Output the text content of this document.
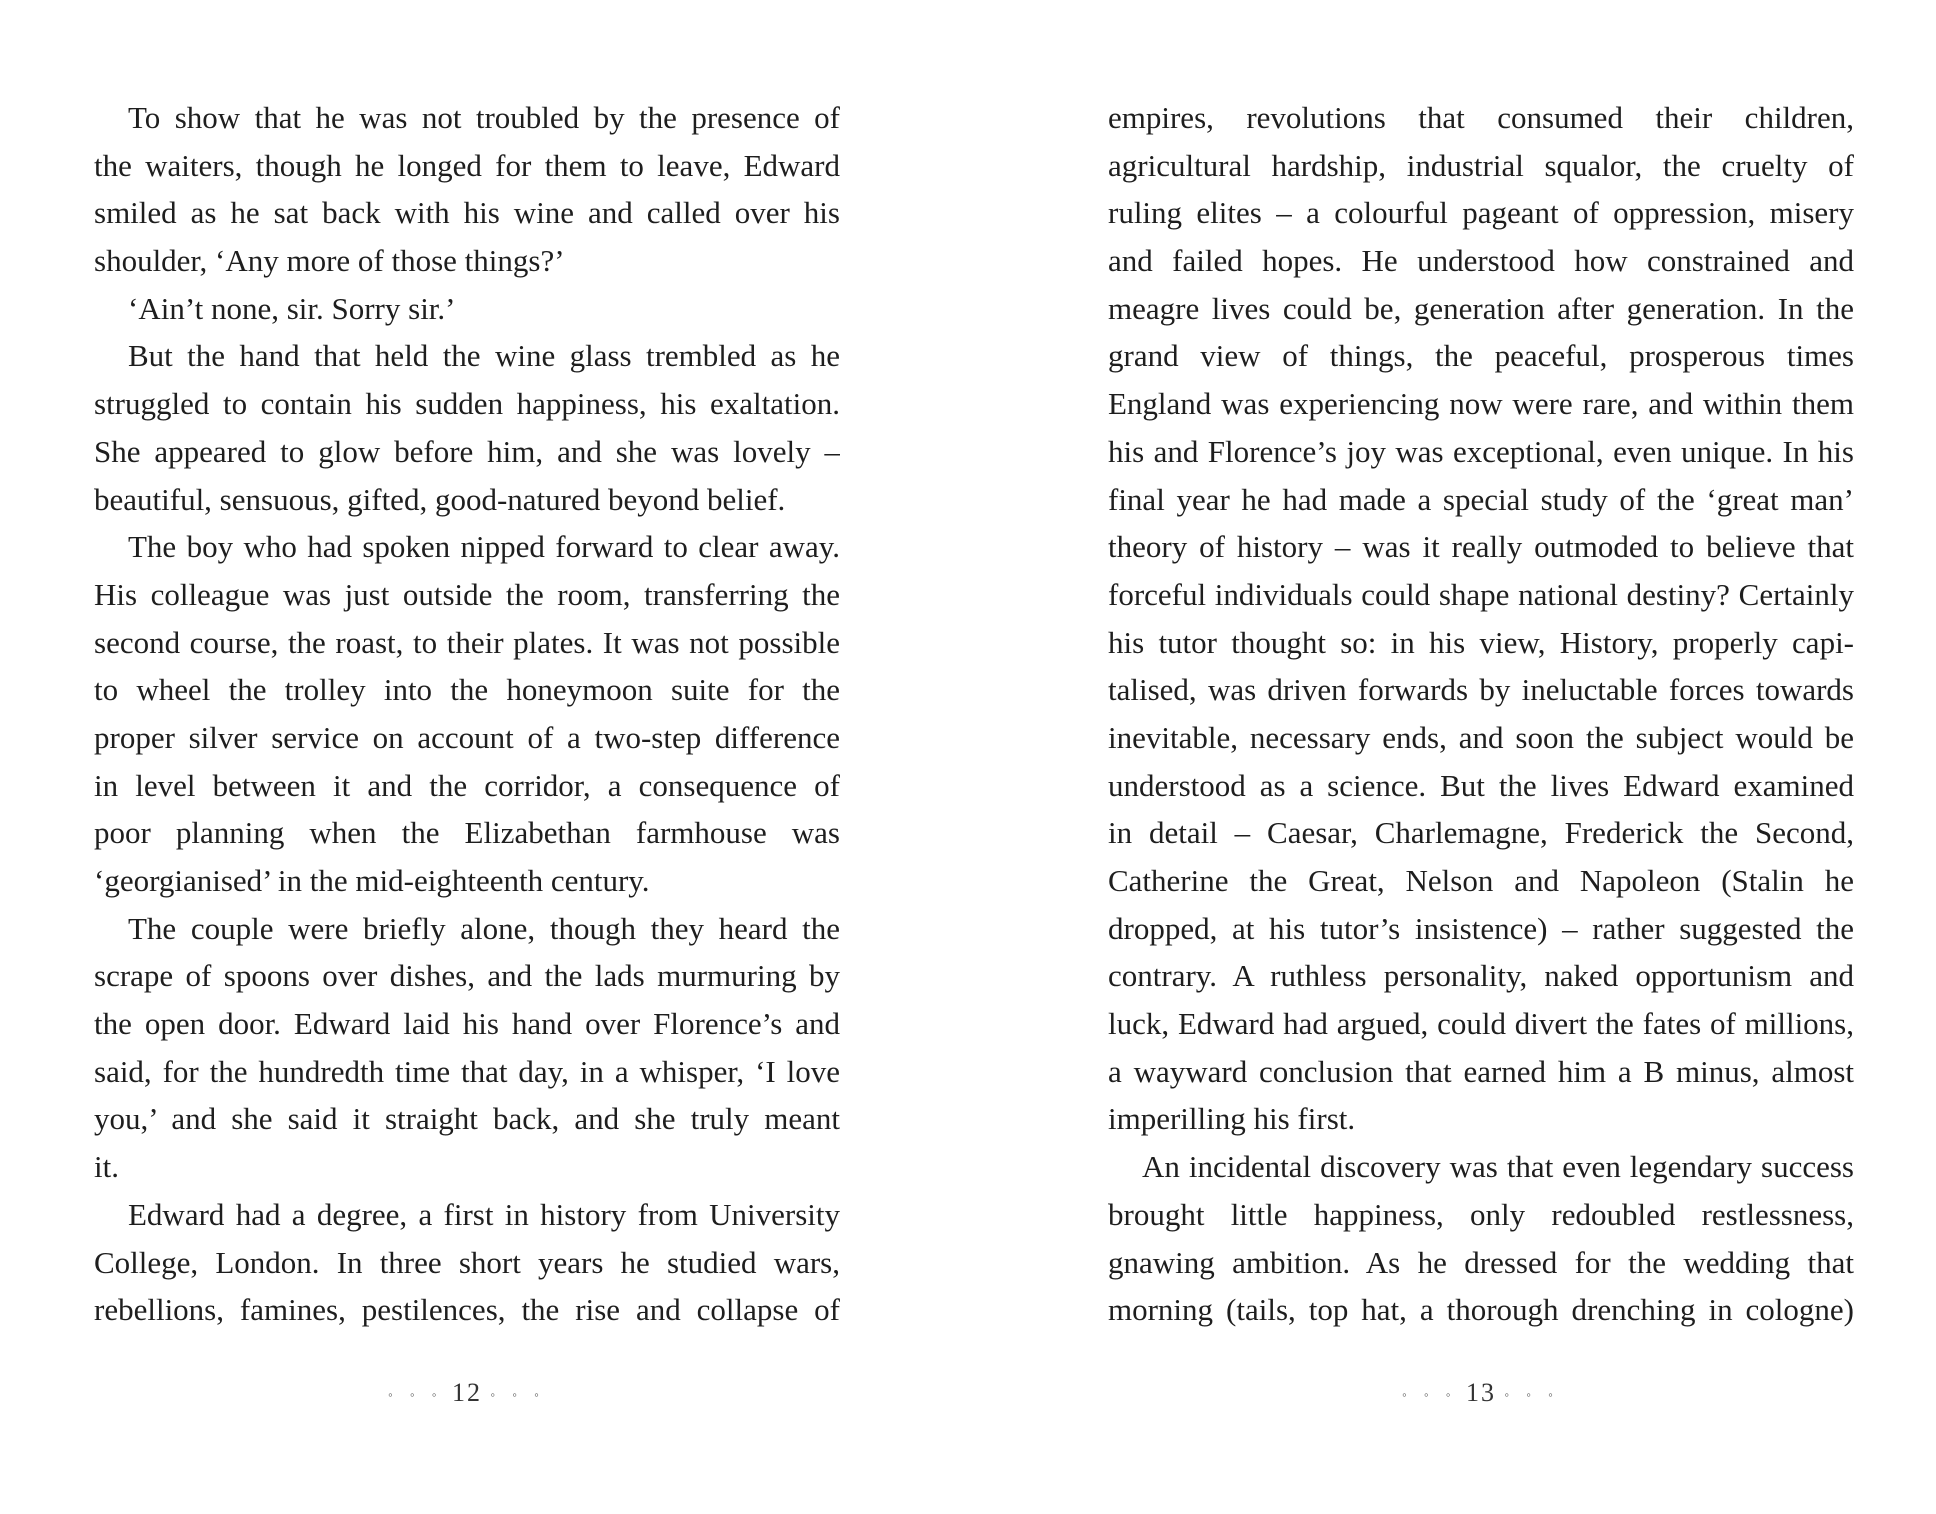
To show that he was not troubled by the presence of
the waiters, though he longed for them to leave, Edward
smiled as he sat back with his wine and called over his
shoulder, ‘Any more of those things?’
‘Ain’t none, sir. Sorry sir.’
But the hand that held the wine glass trembled as he
struggled to contain his sudden happiness, his exaltation.
She appeared to glow before him, and she was lovely –
beautiful, sensuous, gifted, good-natured beyond belief.
The boy who had spoken nipped forward to clear away.
His colleague was just outside the room, transferring the
second course, the roast, to their plates. It was not possible
to wheel the trolley into the honeymoon suite for the
proper silver service on account of a two-step difference
in level between it and the corridor, a consequence of
poor planning when the Elizabethan farmhouse was
‘georgianised’ in the mid-eighteenth century.
The couple were briefly alone, though they heard the
scrape of spoons over dishes, and the lads murmuring by
the open door. Edward laid his hand over Florence’s and
said, for the hundredth time that day, in a whisper, ‘I love
you,’ and she said it straight back, and she truly meant
it.
Edward had a degree, a first in history from University
College, London. In three short years he studied wars,
rebellions, famines, pestilences, the rise and collapse of
empires, revolutions that consumed their children,
agricultural hardship, industrial squalor, the cruelty of
ruling elites – a colourful pageant of oppression, misery
and failed hopes. He understood how constrained and
meagre lives could be, generation after generation. In the
grand view of things, the peaceful, prosperous times
England was experiencing now were rare, and within them
his and Florence’s joy was exceptional, even unique. In his
final year he had made a special study of the ‘great man’
theory of history – was it really outmoded to believe that
forceful individuals could shape national destiny? Certainly
his tutor thought so: in his view, History, properly capi-
talised, was driven forwards by ineluctable forces towards
inevitable, necessary ends, and soon the subject would be
understood as a science. But the lives Edward examined
in detail – Caesar, Charlemagne, Frederick the Second,
Catherine the Great, Nelson and Napoleon (Stalin he
dropped, at his tutor’s insistence) – rather suggested the
contrary. A ruthless personality, naked opportunism and
luck, Edward had argued, could divert the fates of millions,
a wayward conclusion that earned him a B minus, almost
imperilling his first.
An incidental discovery was that even legendary success
brought little happiness, only redoubled restlessness,
gnawing ambition. As he dressed for the wedding that
morning (tails, top hat, a thorough drenching in cologne)
◦ ◦ ◦ 12 ◦ ◦ ◦	◦ ◦ ◦ 13 ◦ ◦ ◦
